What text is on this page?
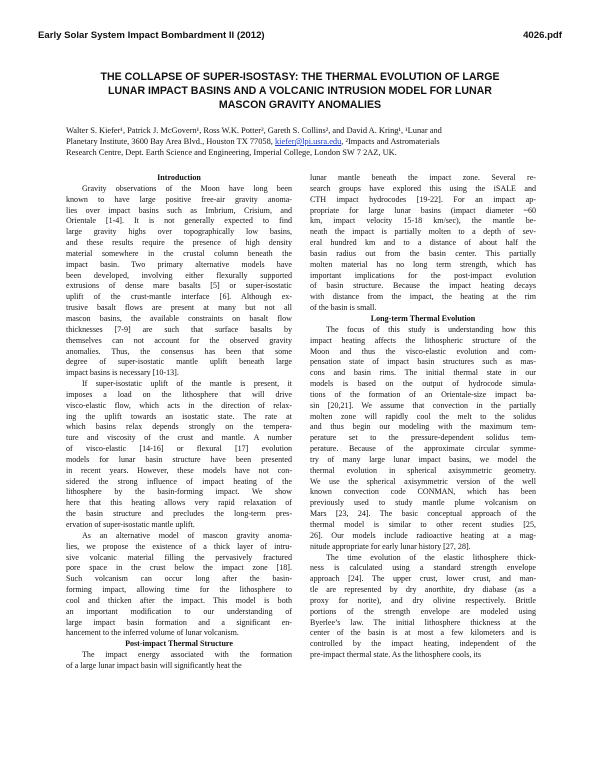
Early Solar System Impact Bombardment II (2012)	4026.pdf
THE COLLAPSE OF SUPER-ISOSTASY: THE THERMAL EVOLUTION OF LARGE
LUNAR IMPACT BASINS AND A VOLCANIC INTRUSION MODEL FOR LUNAR
MASCON GRAVITY ANOMALIES
Walter S. Kiefer¹, Patrick J. McGovern¹, Ross W.K. Potter², Gareth S. Collins², and David A. Kring¹, ¹Lunar and
Planetary Institute, 3600 Bay Area Blvd., Houston TX 77058, kiefer@lpi.usra.edu, ²Impacts and Astromaterials
Research Centre, Dept. Earth Science and Engineering, Imperial College, London SW 7 2AZ, UK.
Introduction
Gravity observations of the Moon have long been
known to have large positive free-air gravity anoma-
lies over impact basins such as Imbrium, Crisium, and
Orientale [1-4]. It is not generally expected to find
large gravity highs over topographically low basins,
and these results require the presence of high density
material somewhere in the crustal column beneath the
impact basin. Two primary alternative models have
been developed, involving either flexurally supported
extrusions of dense mare basalts [5] or super-isostatic
uplift of the crust-mantle interface [6]. Although ex-
trusive basalt flows are present at many but not all
mascon basins, the available constraints on basalt flow
thicknesses [7-9] are such that surface basalts by
themselves can not account for the observed gravity
anomalies. Thus, the consensus has been that some
degree of super-isostatic mantle uplift beneath large
impact basins is necessary [10-13].
If super-isostatic uplift of the mantle is present, it
imposes a load on the lithosphere that will drive
visco-elastic flow, which acts in the direction of relax-
ing the uplift towards an isostatic state. The rate at
which basins relax depends strongly on the tempera-
ture and viscosity of the crust and mantle. A number
of visco-elastic [14-16] or flexural [17] evolution
models for lunar basin structure have been presented
in recent years. However, these models have not con-
sidered the strong influence of impact heating of the
lithosphere by the basin-forming impact. We show
here that this heating allows very rapid relaxation of
the basin structure and precludes the long-term pres-
ervation of super-isostatic mantle uplift.
As an alternative model of mascon gravity anoma-
lies, we propose the existence of a thick layer of intru-
sive volcanic material filling the pervasively fractured
pore space in the crust below the impact zone [18].
Such volcanism can occur long after the basin-
forming impact, allowing time for the lithosphere to
cool and thicken after the impact. This model is both
an important modification to our understanding of
large impact basin formation and a significant en-
hancement to the inferred volume of lunar volcanism.
Post-impact Thermal Structure
The impact energy associated with the formation
of a large lunar impact basin will significantly heat the
lunar mantle beneath the impact zone. Several re-
search groups have explored this using the iSALE and
CTH impact hydrocodes [19-22]. For an impact ap-
propriate for large lunar basins (impact diameter ~60
km, impact velocity 15-18 km/sec), the mantle be-
neath the impact is partially molten to a depth of sev-
eral hundred km and to a distance of about half the
basin radius out from the basin center. This partially
molten material has no long term strength, which has
important implications for the post-impact evolution
of basin structure. Because the impact heating decays
with distance from the impact, the heating at the rim
of the basin is small.
Long-term Thermal Evolution
The focus of this study is understanding how this
impact heating affects the lithospheric structure of the
Moon and thus the visco-elastic evolution and com-
pensation state of impact basin structures such as mas-
cons and basin rims. The initial thermal state in our
models is based on the output of hydrocode simula-
tions of the formation of an Orientale-size impact ba-
sin [20,21]. We assume that convection in the partially
molten zone will rapidly cool the melt to the solidus
and thus begin our modeling with the maximum tem-
perature set to the pressure-dependent solidus tem-
perature. Because of the approximate circular symme-
try of many large lunar impact basins, we model the
thermal evolution in spherical axisymmetric geometry.
We use the spherical axisymmetric version of the well
known convection code CONMAN, which has been
previously used to study mantle plume volcanism on
Mars [23, 24]. The basic conceptual approach of the
thermal model is similar to other recent studies [25,
26]. Our models include radioactive heating at a mag-
nitude appropriate for early lunar history [27, 28].
The time evolution of the elastic lithosphere thick-
ness is calculated using a standard strength envelope
approach [24]. The upper crust, lower crust, and man-
tle are represented by dry anorthite, dry diabase (as a
proxy for norite), and dry olivine respectively. Brittle
portions of the strength envelope are modeled using
Byerlee’s law. The initial lithosphere thickness at the
center of the basin is at most a few kilometers and is
controlled by the impact heating, independent of the
pre-impact thermal state. As the lithosphere cools, its
